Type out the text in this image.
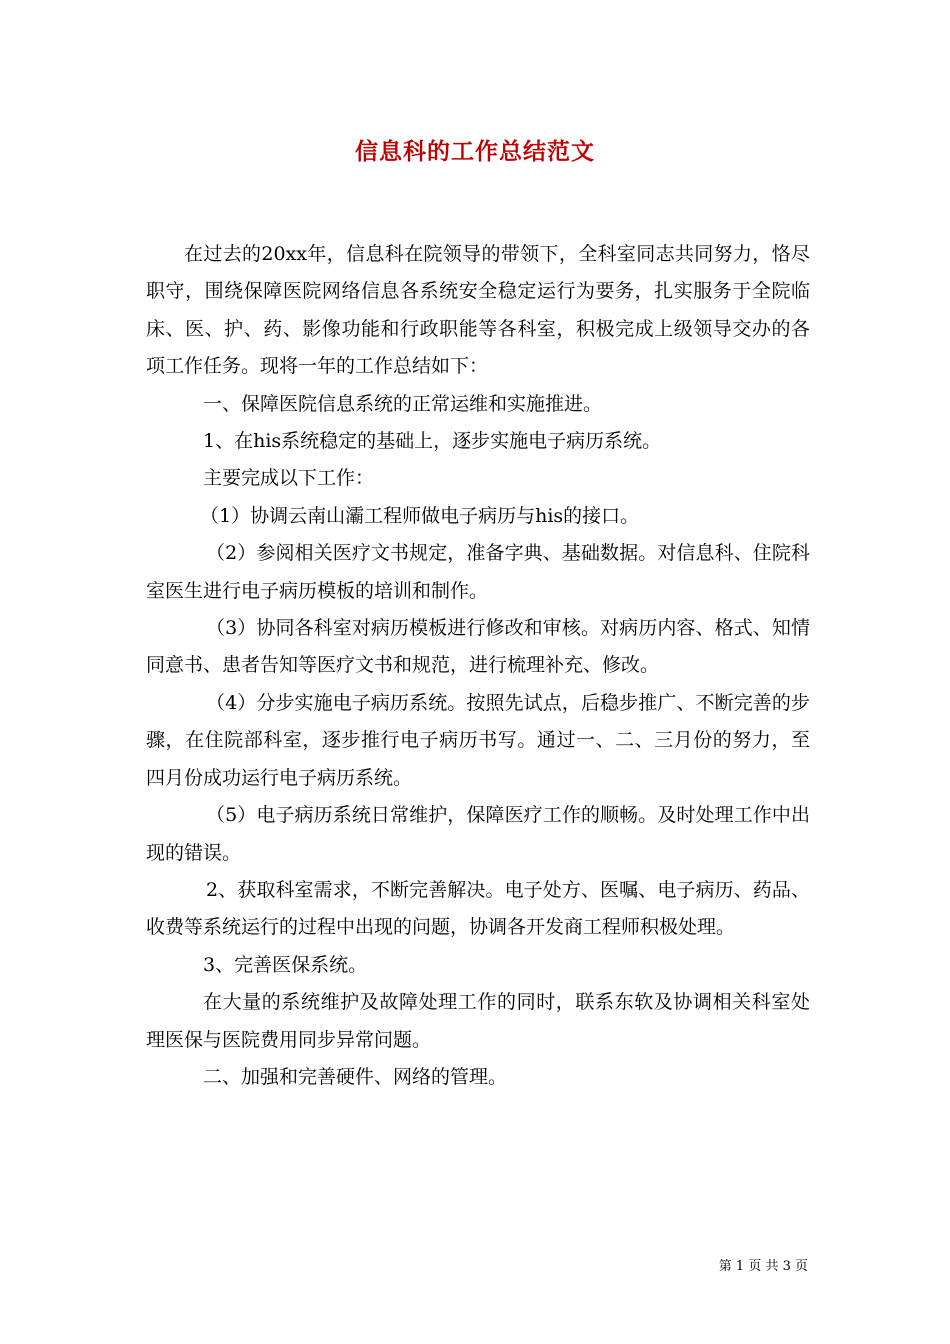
信息科的工作总结范文

在过去的20xx年，信息科在院领导的带领下，全科室同志共同努力，恪尽职守，围绕保障医院网络信息各系统安全稳定运行为要务，扎实服务于全院临床、医、护、药、影像功能和行政职能等各科室，积极完成上级领导交办的各项工作任务。现将一年的工作总结如下：

一、保障医院信息系统的正常运维和实施推进。

1、在his系统稳定的基础上，逐步实施电子病历系统。

主要完成以下工作：

（1）协调云南山灞工程师做电子病历与his的接口。

（2）参阅相关医疗文书规定，准备字典、基础数据。对信息科、住院科室医生进行电子病历模板的培训和制作。

（3）协同各科室对病历模板进行修改和审核。对病历内容、格式、知情同意书、患者告知等医疗文书和规范，进行梳理补充、修改。

（4）分步实施电子病历系统。按照先试点，后稳步推广、不断完善的步骤，在住院部科室，逐步推行电子病历书写。通过一、二、三月份的努力，至四月份成功运行电子病历系统。

（5）电子病历系统日常维护，保障医疗工作的顺畅。及时处理工作中出现的错误。

2、获取科室需求，不断完善解决。电子处方、医嘱、电子病历、药品、收费等系统运行的过程中出现的问题，协调各开发商工程师积极处理。

3、完善医保系统。

在大量的系统维护及故障处理工作的同时，联系东软及协调相关科室处理医保与医院费用同步异常问题。

二、加强和完善硬件、网络的管理。

第 1 页 共 3 页
